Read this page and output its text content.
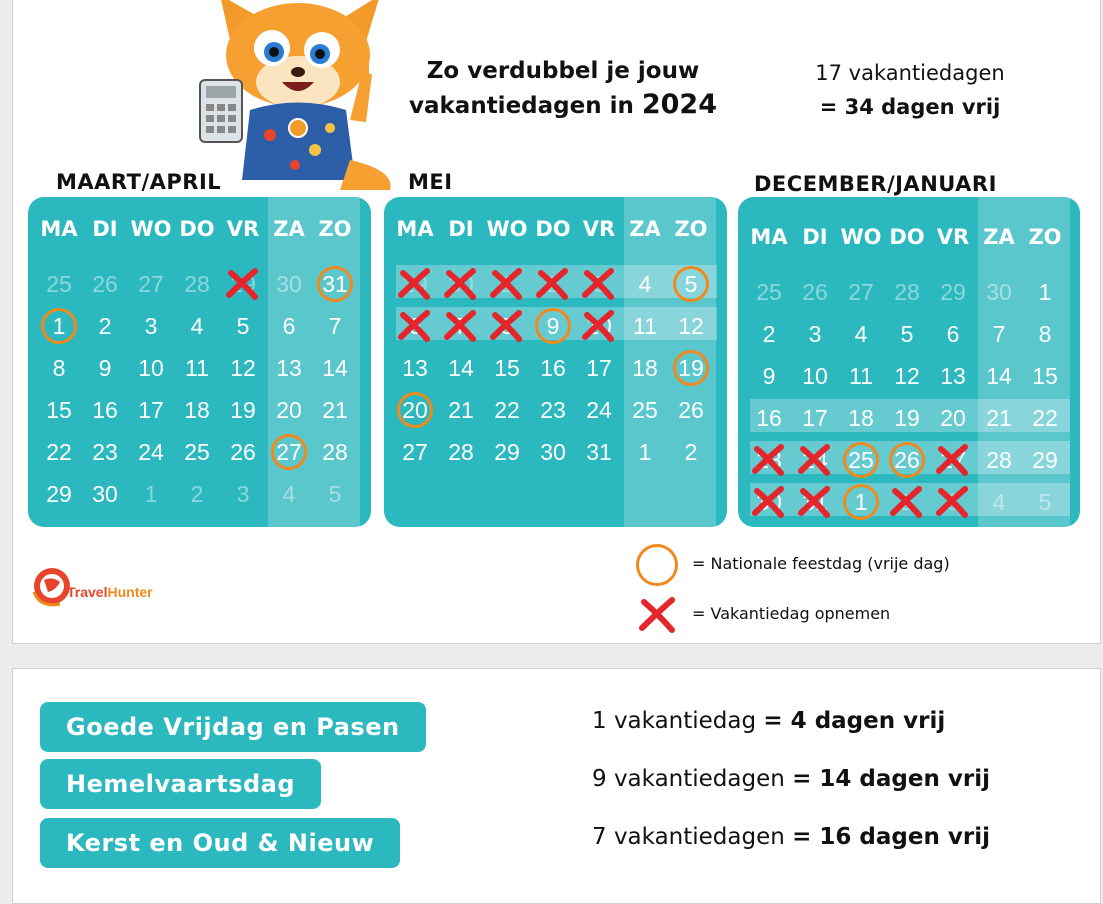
Zo verdubbel je jouw
vakantiedagen in 2024
17 vakantiedagen
= 34 dagen vrij
MAART/APRIL	MEI	DECEMBER/JANUARI
MA DI WO DO VR ZA ZO
25 26 27 28 29 30 31
1	2	3	4	5	6	7
8	9	10 11 12 13 14
15 16 17 18 19 20 21
22 23 24 25 26 27 28
29 30	1	2	3	4	5
MA DI WO DO VR ZA ZO
29 30	1	2	3	4	5
6	7	8	9	10 11 12
13 14 15 16 17 18 19
20 21 22 23 24 25 26
27 28 29 30 31	1	2
MA DI WO DO VR ZA ZO
25 26 27 28 29 30	1
2	3	4	5	6	7	8
9	10 11 12 13 14 15
16 17 18 19 20 21 22
23 24 25 26 27 28 29
30 31	1	2	3	4	5
= Nationale feestdag (vrije dag)
= Vakantiedag opnemen
TravelHunter
Goede Vrijdag en Pasen
Hemelvaartsdag
Kerst en Oud & Nieuw
1 vakantiedag = 4 dagen vrij
9 vakantiedagen = 14 dagen vrij
7 vakantiedagen = 16 dagen vrij
